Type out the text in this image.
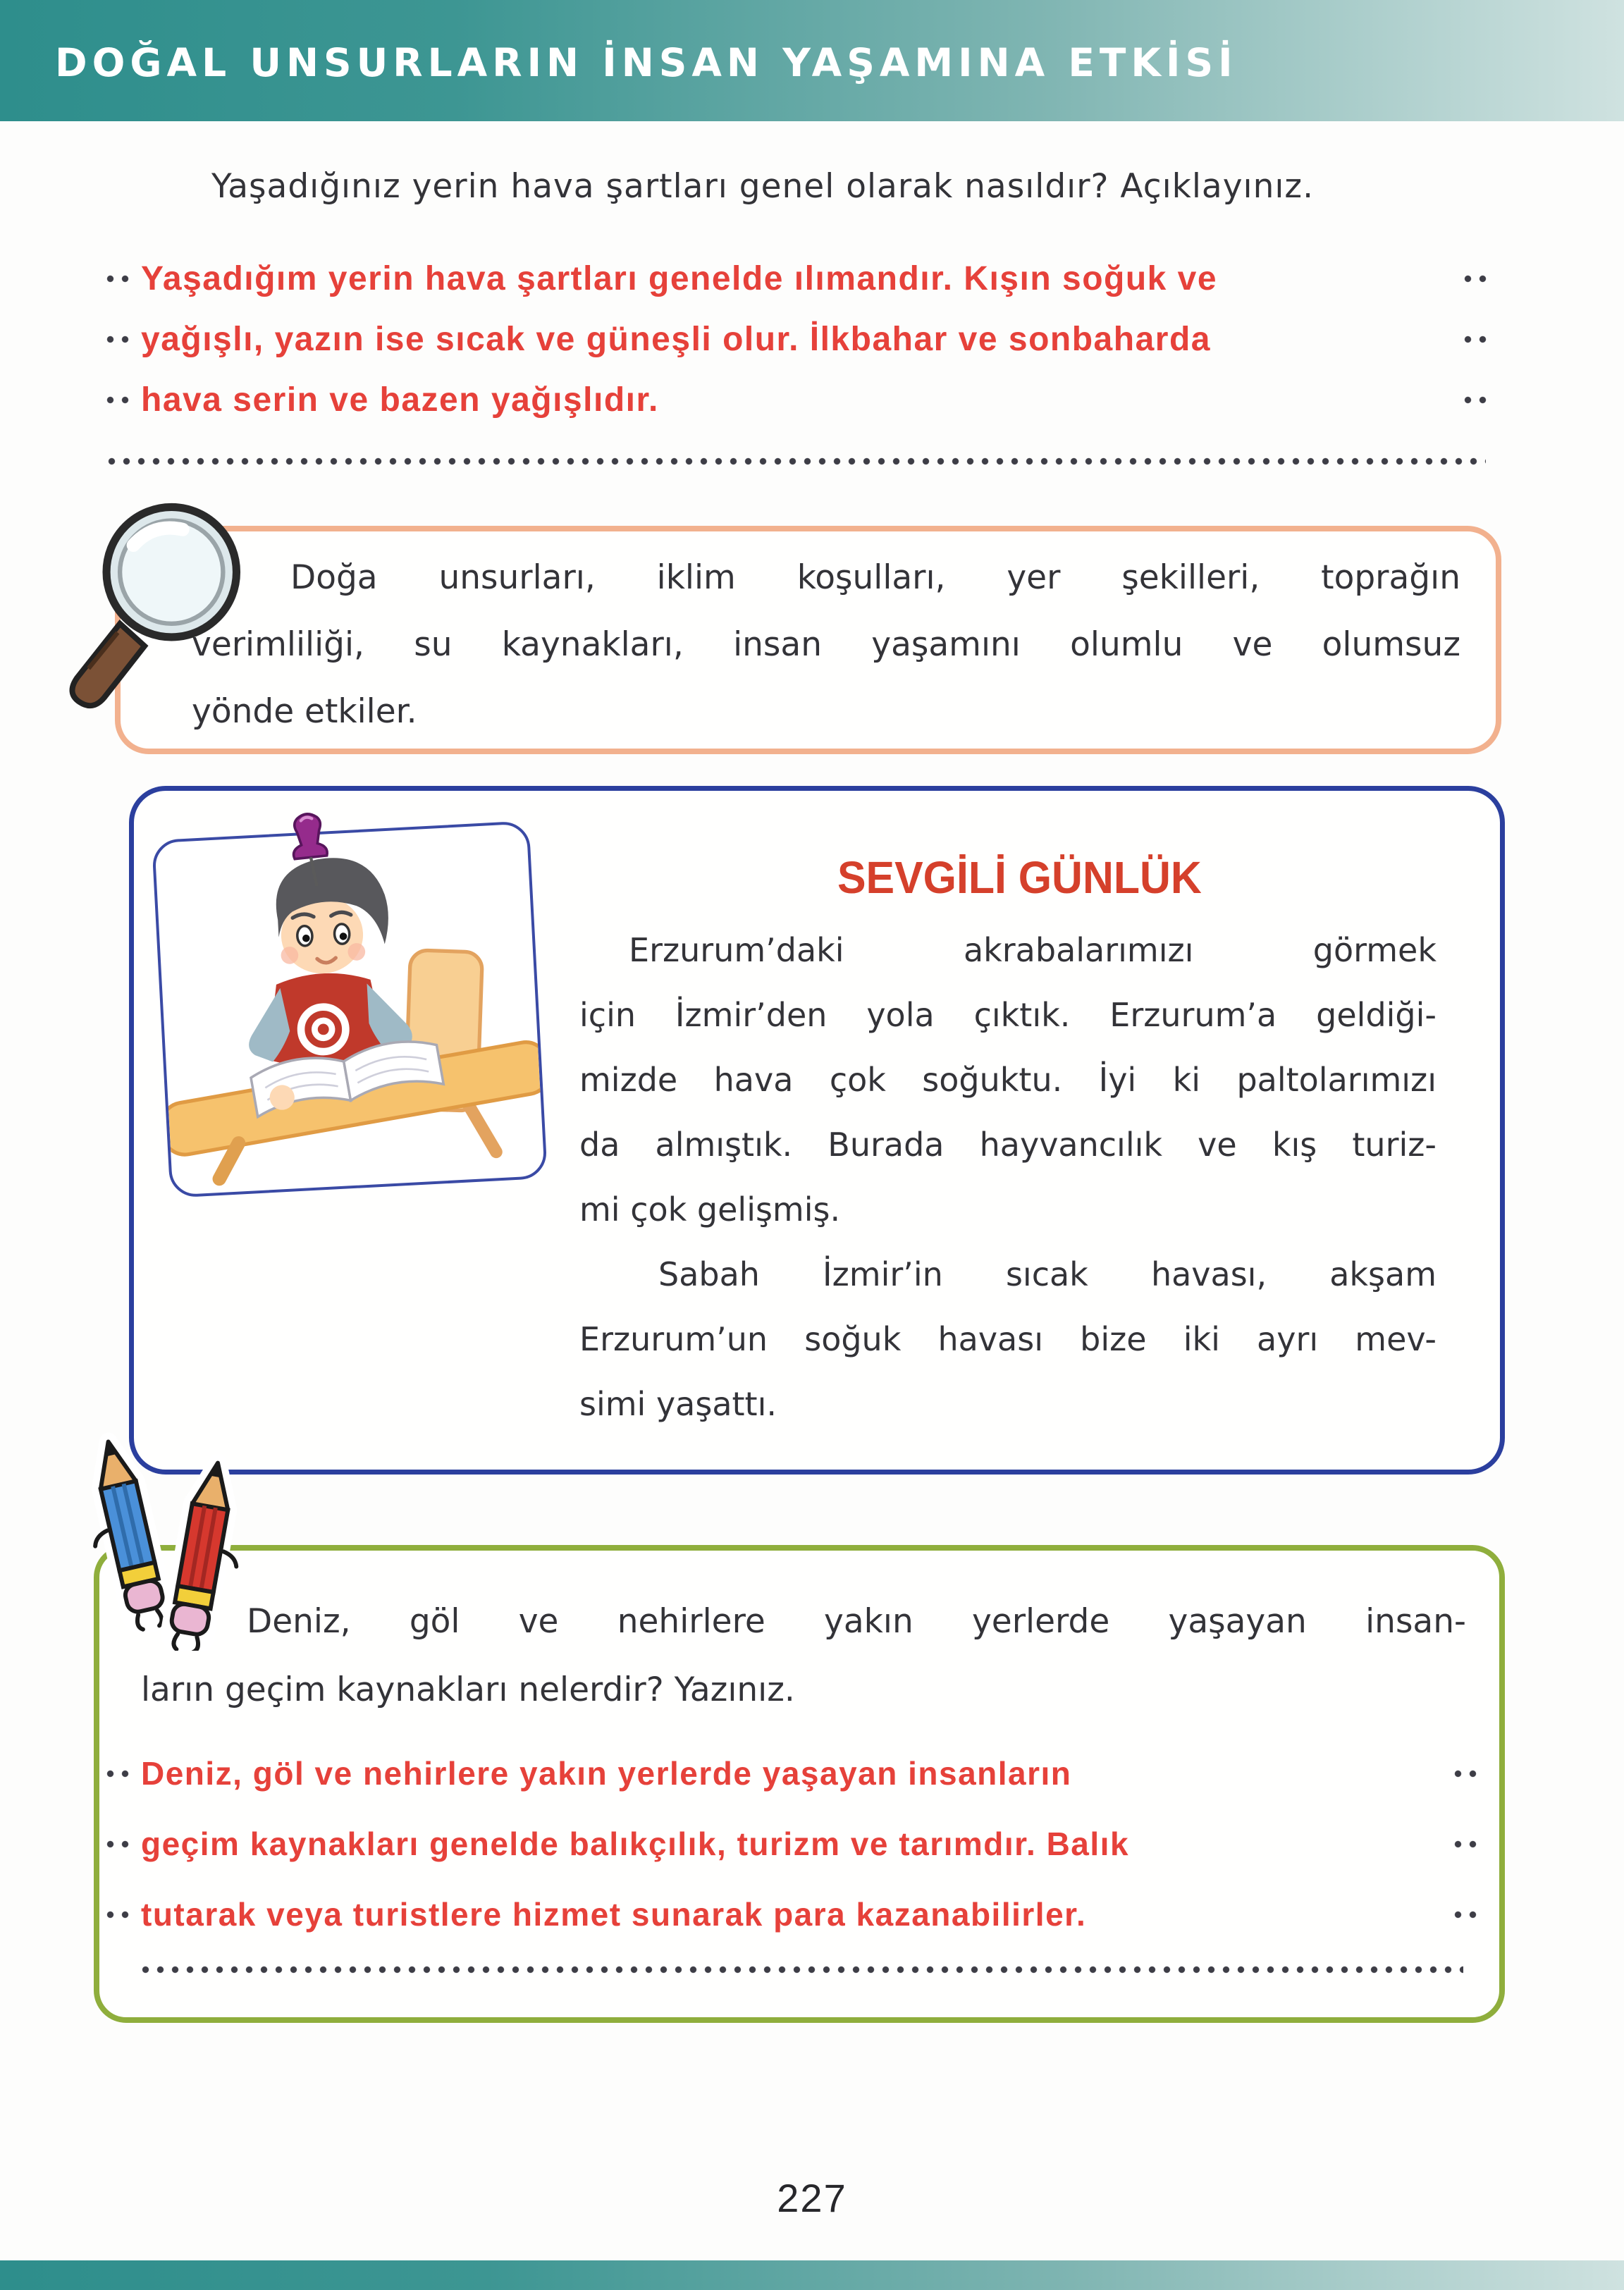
DOĞAL UNSURLARIN İNSAN YAŞAMINA ETKİSİ
Yaşadığınız yerin hava şartları genel olarak nasıldır? Açıklayınız.
Yaşadığım yerin hava şartları genelde ılımandır. Kışın soğuk ve
yağışlı, yazın ise sıcak ve güneşli olur. İlkbahar ve sonbaharda
hava serin ve bazen yağışlıdır.
Doğa unsurları, iklim koşulları, yer şekilleri, toprağın
verimliliği, su kaynakları, insan yaşamını olumlu ve olumsuz
yönde etkiler.
SEVGİLİ GÜNLÜK
Erzurum’daki akrabalarımızı görmek
için İzmir’den yola çıktık. Erzurum’a geldiği-
mizde hava çok soğuktu. İyi ki paltolarımızı
da almıştık. Burada hayvancılık ve kış turiz-
mi çok gelişmiş.
Sabah İzmir’in sıcak havası, akşam
Erzurum’un soğuk havası bize iki ayrı mev-
simi yaşattı.
Deniz, göl ve nehirlere yakın yerlerde yaşayan insan-
ların geçim kaynakları nelerdir? Yazınız.
Deniz, göl ve nehirlere yakın yerlerde yaşayan insanların
geçim kaynakları genelde balıkçılık, turizm ve tarımdır. Balık
tutarak veya turistlere hizmet sunarak para kazanabilirler.
227
